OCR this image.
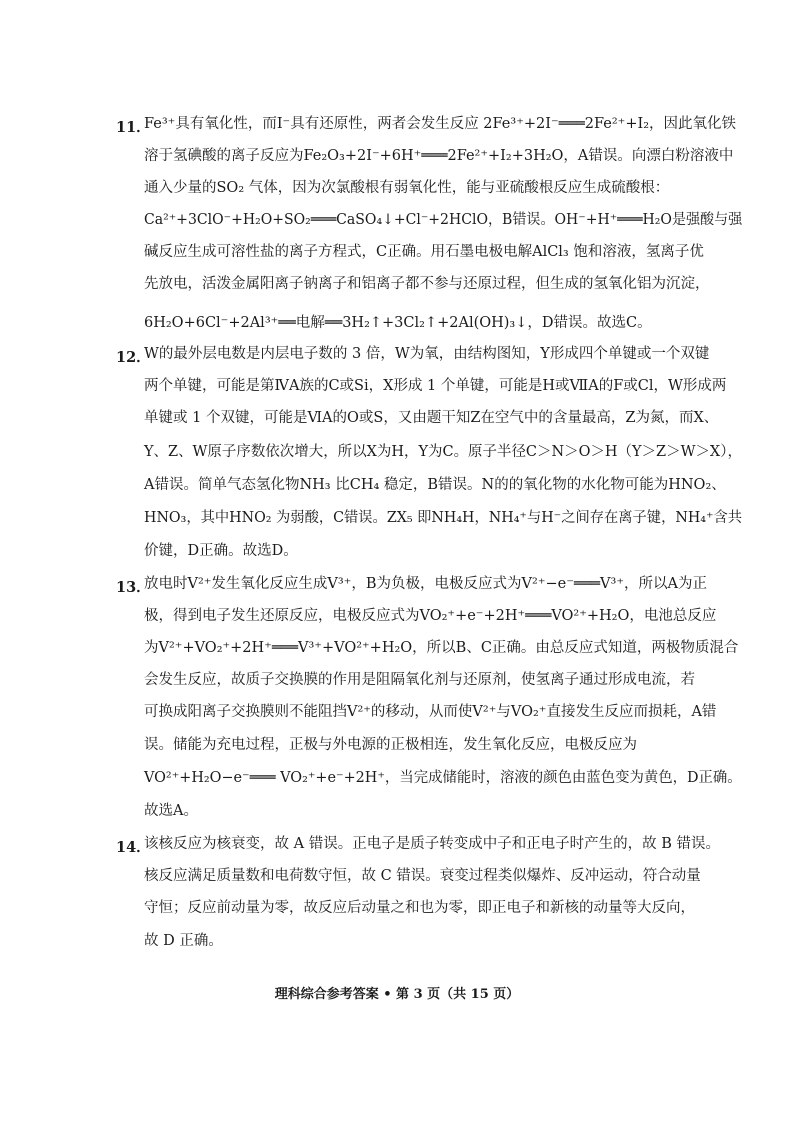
11．
Fe³⁺具有氧化性，而I⁻具有还原性，两者会发生反应 2Fe³⁺+2I⁻═══2Fe²⁺+I₂，因此氧化铁
溶于氢碘酸的离子反应为Fe₂O₃+2I⁻+6H⁺═══2Fe²⁺+I₂+3H₂O，A错误。向漂白粉溶液中
通入少量的SO₂ 气体，因为次氯酸根有弱氧化性，能与亚硫酸根反应生成硫酸根：
Ca²⁺+3ClO⁻+H₂O+SO₂═══CaSO₄↓+Cl⁻+2HClO，B错误。OH⁻+H⁺═══H₂O是强酸与强
碱反应生成可溶性盐的离子方程式，C正确。用石墨电极电解AlCl₃ 饱和溶液，氢离子优
先放电，活泼金属阳离子钠离子和铝离子都不参与还原过程，但生成的氢氧化铝为沉淀，
6H₂O+6Cl⁻+2Al³⁺══电解══3H₂↑+3Cl₂↑+2Al(OH)₃↓，D错误。故选C。
12．
W的最外层电数是内层电子数的 3 倍，W为氧，由结构图知，Y形成四个单键或一个双键
两个单键，可能是第ⅣA族的C或Si，X形成 1 个单键，可能是H或ⅦA的F或Cl，W形成两
单键或 1 个双键，可能是ⅥA的O或S，又由题干知Z在空气中的含量最高，Z为氮，而X、
Y、Z、W原子序数依次增大，所以X为H，Y为C。原子半径C＞N＞O＞H（Y＞Z＞W＞X），
A错误。简单气态氢化物NH₃ 比CH₄ 稳定，B错误。N的的氧化物的水化物可能为HNO₂、
HNO₃，其中HNO₂ 为弱酸，C错误。ZX₅ 即NH₄H，NH₄⁺与H⁻之间存在离子键，NH₄⁺含共
价键，D正确。故选D。
13．
放电时V²⁺发生氧化反应生成V³⁺，B为负极，电极反应式为V²⁺−e⁻═══V³⁺，所以A为正
极，得到电子发生还原反应，电极反应式为VO₂⁺+e⁻+2H⁺═══VO²⁺+H₂O，电池总反应
为V²⁺+VO₂⁺+2H⁺═══V³⁺+VO²⁺+H₂O，所以B、C正确。由总反应式知道，两极物质混合
会发生反应，故质子交换膜的作用是阻隔氧化剂与还原剂，使氢离子通过形成电流，若
可换成阳离子交换膜则不能阻挡V²⁺的移动，从而使V²⁺与VO₂⁺直接发生反应而损耗，A错
误。储能为充电过程，正极与外电源的正极相连，发生氧化反应，电极反应为
VO²⁺+H₂O−e⁻═══ VO₂⁺+e⁻+2H⁺，当完成储能时，溶液的颜色由蓝色变为黄色，D正确。
故选A。
14．
该核反应为核衰变，故 A 错误。正电子是质子转变成中子和正电子时产生的，故 B 错误。
核反应满足质量数和电荷数守恒，故 C 错误。衰变过程类似爆炸、反冲运动，符合动量
守恒；反应前动量为零，故反应后动量之和也为零，即正电子和新核的动量等大反向，
故 D 正确。
理科综合参考答案 • 第 3 页（共 15 页）
